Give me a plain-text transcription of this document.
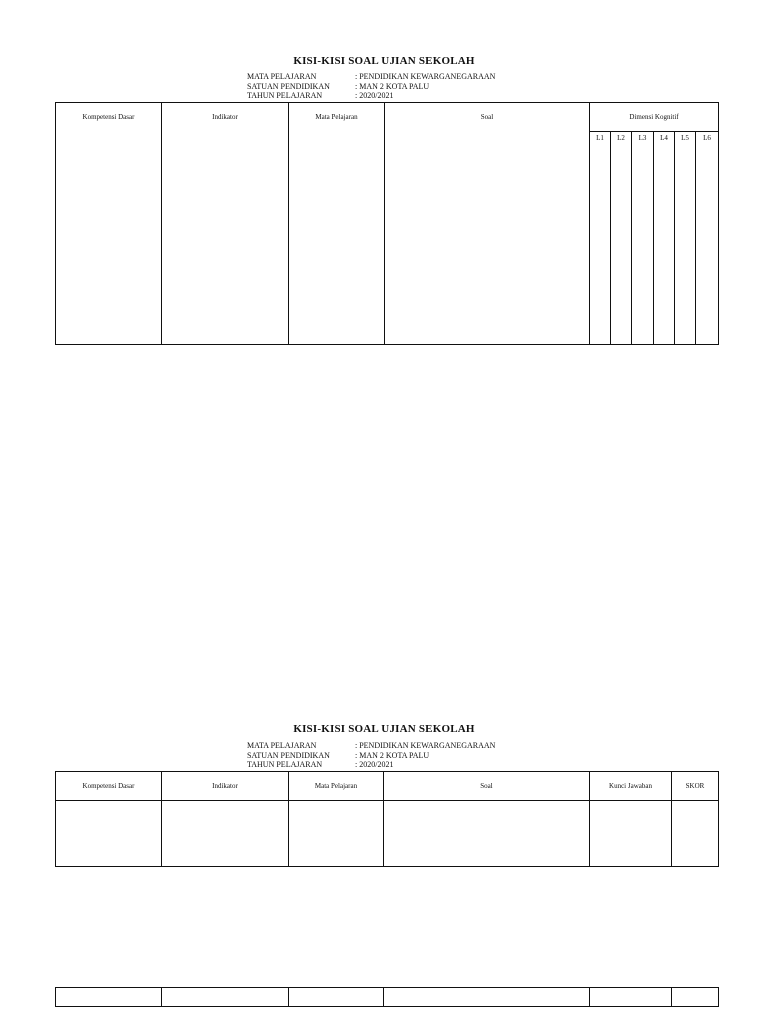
KISI-KISI SOAL UJIAN SEKOLAH
MATA PELAJARAN	: PENDIDIKAN KEWARGANEGARAAN
SATUAN PENDIDIKAN	: MAN 2 KOTA PALU
TAHUN PELAJARAN	: 2020/2021
Kompetensi Dasar	Indikator	Mata Pelajaran	Soal	Dimensi Kognitif					
				L1	L2	L3	L4	L5	L6
KISI-KISI SOAL UJIAN SEKOLAH
MATA PELAJARAN	: PENDIDIKAN KEWARGANEGARAAN
SATUAN PENDIDIKAN	: MAN 2 KOTA PALU
TAHUN PELAJARAN	: 2020/2021
Kompetensi Dasar	Indikator	Mata Pelajaran	Soal	Kunci Jawaban	SKOR
